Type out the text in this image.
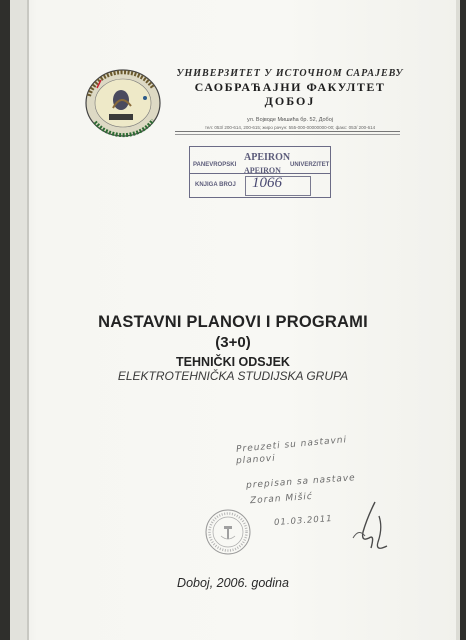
УНИВЕРЗИТЕТ У ИСТОЧНОМ САРАЈЕВУ
САОБРАЋАЈНИ ФАКУЛТЕТ
ДОБОЈ
ул. Војводе Мишића бр. 52, Добој
тел: 053/ 200-614, 200-615; жиро рачун: 555-000-00000000-00; факс: 053/ 200-614
PANEVROPSKI
APEIRON
UNIVERZITET
APEIRON
KNJIGA BROJ 1066
NASTAVNI PLANOVI I PROGRAMI
(3+0)
TEHNIČKI ODSJEK
ELEKTROTEHNIČKA STUDIJSKA GRUPA
Preuzeti su nastavni
planovi
prepisan sa nastave
Zoran Mišić
01.03.2011
Doboj, 2006. godina
